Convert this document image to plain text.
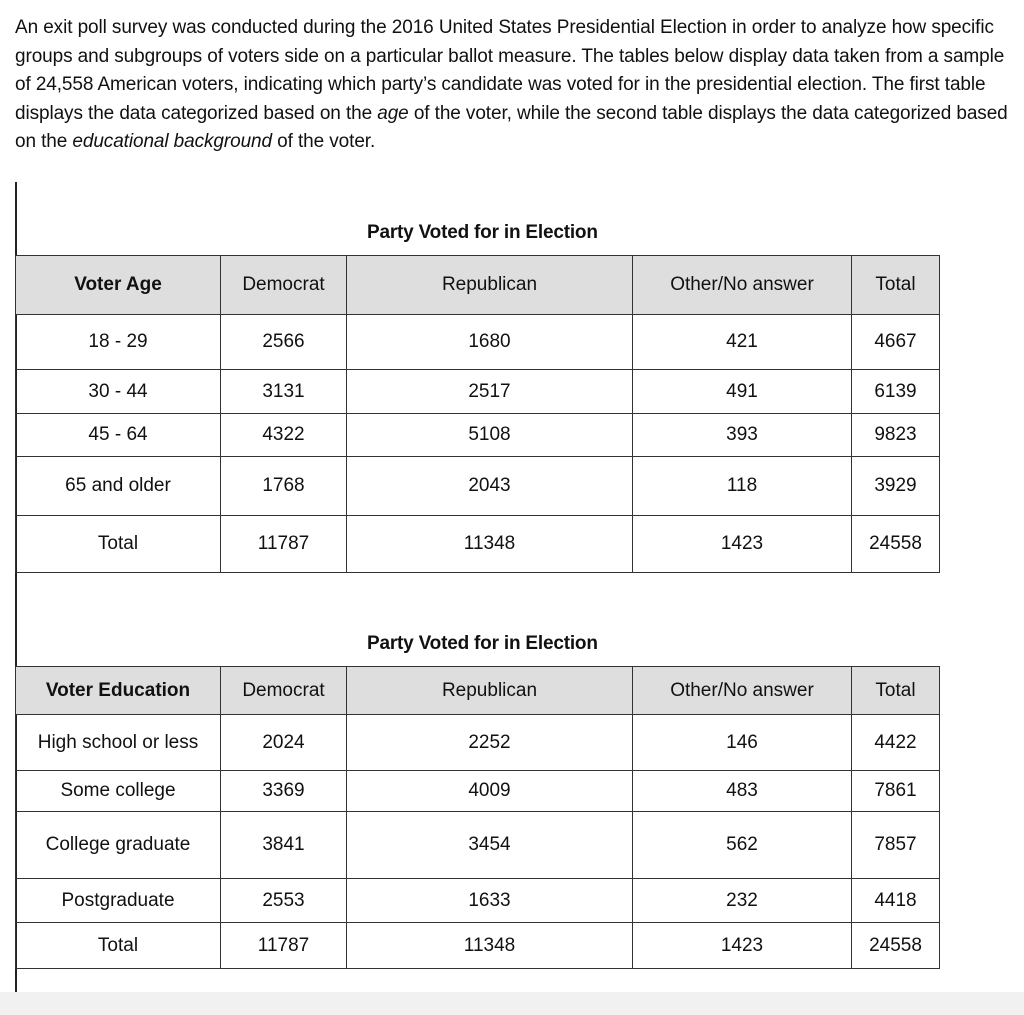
An exit poll survey was conducted during the 2016 United States Presidential Election in order to analyze how specific groups and subgroups of voters side on a particular ballot measure. The tables below display data taken from a sample of 24,558 American voters, indicating which party’s candidate was voted for in the presidential election. The first table displays the data categorized based on the age of the voter, while the second table displays the data categorized based on the educational background of the voter.

Party Voted for in Election
Voter Age	Democrat	Republican	Other/No answer	Total
18 - 29	2566	1680	421	4667
30 - 44	3131	2517	491	6139
45 - 64	4322	5108	393	9823
65 and older	1768	2043	118	3929
Total	11787	11348	1423	24558
Party Voted for in Election
Voter Education	Democrat	Republican	Other/No answer	Total
High school or less	2024	2252	146	4422
Some college	3369	4009	483	7861
College graduate	3841	3454	562	7857
Postgraduate	2553	1633	232	4418
Total	11787	11348	1423	24558
